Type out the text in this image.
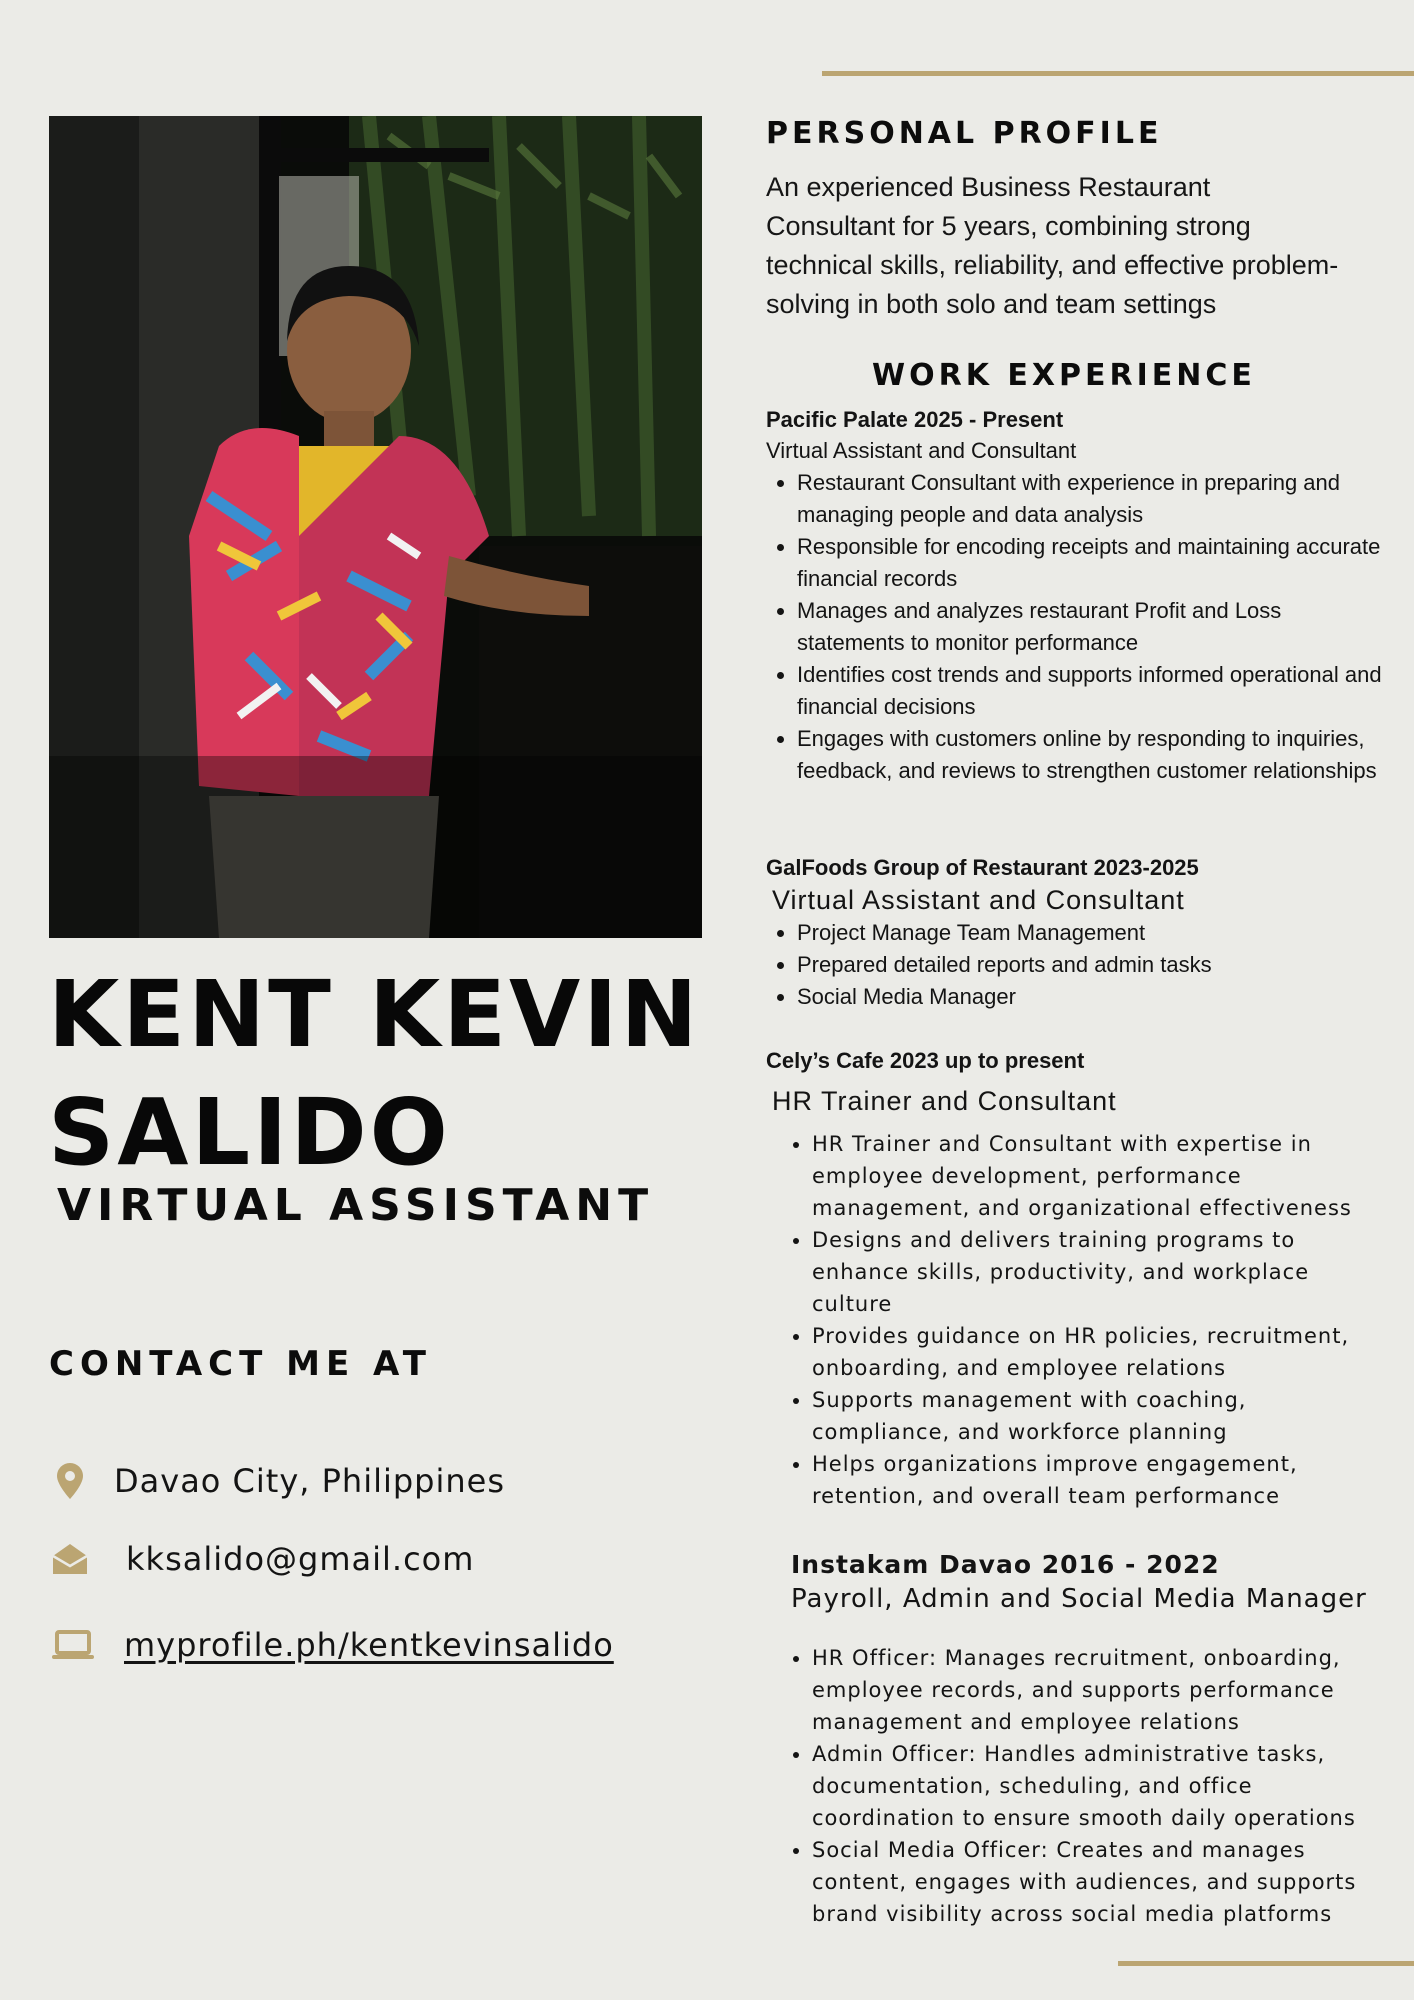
KENT KEVIN
SALIDO
VIRTUAL ASSISTANT
CONTACT ME AT
Davao City, Philippines
kksalido@gmail.com
myprofile.ph/kentkevinsalido
PERSONAL PROFILE

An experienced Business Restaurant Consultant for 5 years, combining strong technical skills, reliability, and effective problem-solving in both solo and team settings

WORK EXPERIENCE

Pacific Palate 2025 - Present

Virtual Assistant and Consultant

• Restaurant Consultant with experience in preparing and managing people and data analysis
• Responsible for encoding receipts and maintaining accurate financial records
• Manages and analyzes restaurant Profit and Loss statements to monitor performance
• Identifies cost trends and supports informed operational and financial decisions
• Engages with customers online by responding to inquiries, feedback, and reviews to strengthen customer relationships

GalFoods Group of Restaurant 2023-2025

Virtual Assistant and Consultant

• Project Manage Team Management
• Prepared detailed reports and admin tasks
• Social Media Manager

Cely’s Cafe 2023 up to present

HR Trainer and Consultant

• HR Trainer and Consultant with expertise in employee development, performance management, and organizational effectiveness
• Designs and delivers training programs to enhance skills, productivity, and workplace culture
• Provides guidance on HR policies, recruitment, onboarding, and employee relations
• Supports management with coaching, compliance, and workforce planning
• Helps organizations improve engagement, retention, and overall team performance

Instakam Davao 2016 - 2022

Payroll, Admin and Social Media Manager

• HR Officer: Manages recruitment, onboarding, employee records, and supports performance management and employee relations
• Admin Officer: Handles administrative tasks, documentation, scheduling, and office coordination to ensure smooth daily operations
• Social Media Officer: Creates and manages content, engages with audiences, and supports brand visibility across social media platforms
